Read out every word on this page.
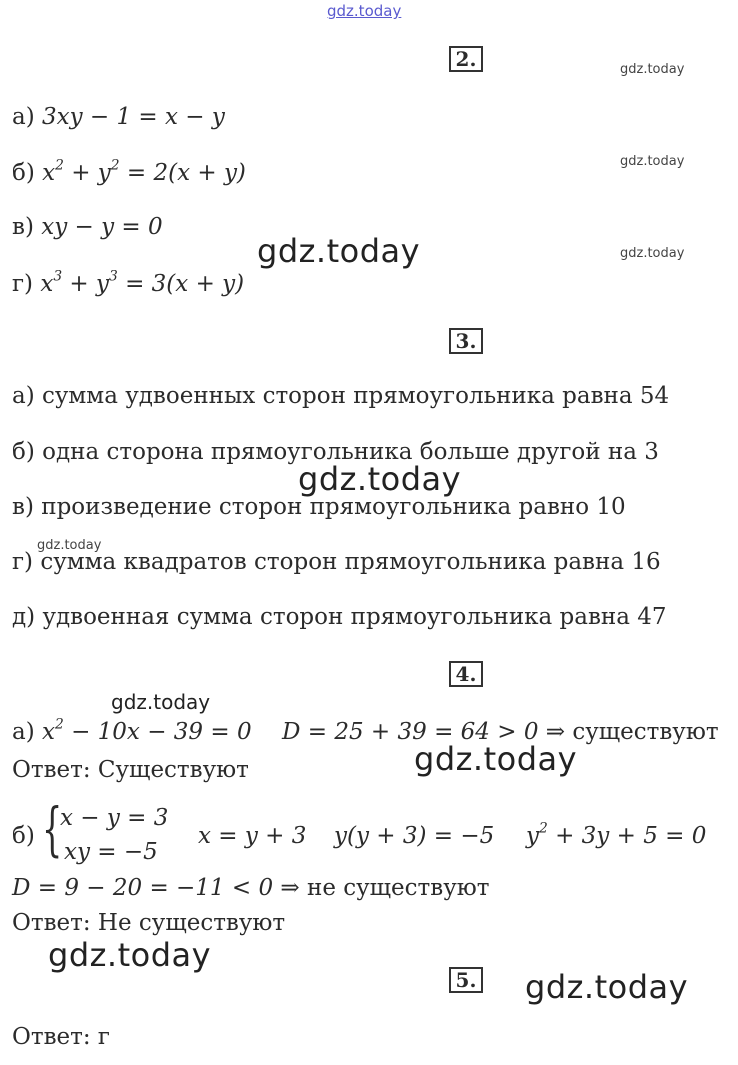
gdz.today
gdz.today
gdz.today
gdz.today
gdz.today
gdz.today
gdz.today
gdz.today
gdz.today
gdz.today
gdz.today
2.
а) 3xy − 1 = x − y
б) $x^2 + y^2 = 2(x + y)$
в) xy − y = 0
г) $x^3 + y^3 = 3(x + y)$
3.
а) сумма удвоенных сторон прямоугольника равна 54
б) одна сторона прямоугольника больше другой на 3
в) произведение сторон прямоугольника равно 10
г) сумма квадратов сторон прямоугольника равна 16
д) удвоенная сумма сторон прямоугольника равна 47
4.
а) $x^2 - 10x - 39 = 0$ D = 25 + 39 = 64 > 0 ⇒ существуют
Ответ: Существуют
б) {
x − y = 3
xy = −5
x = y + 3 y(y + 3) = −5 $y^2 + 3y + 5 = 0$
D = 9 − 20 = −11 < 0 ⇒ не существуют
Ответ: Не существуют
5.
Ответ: г
